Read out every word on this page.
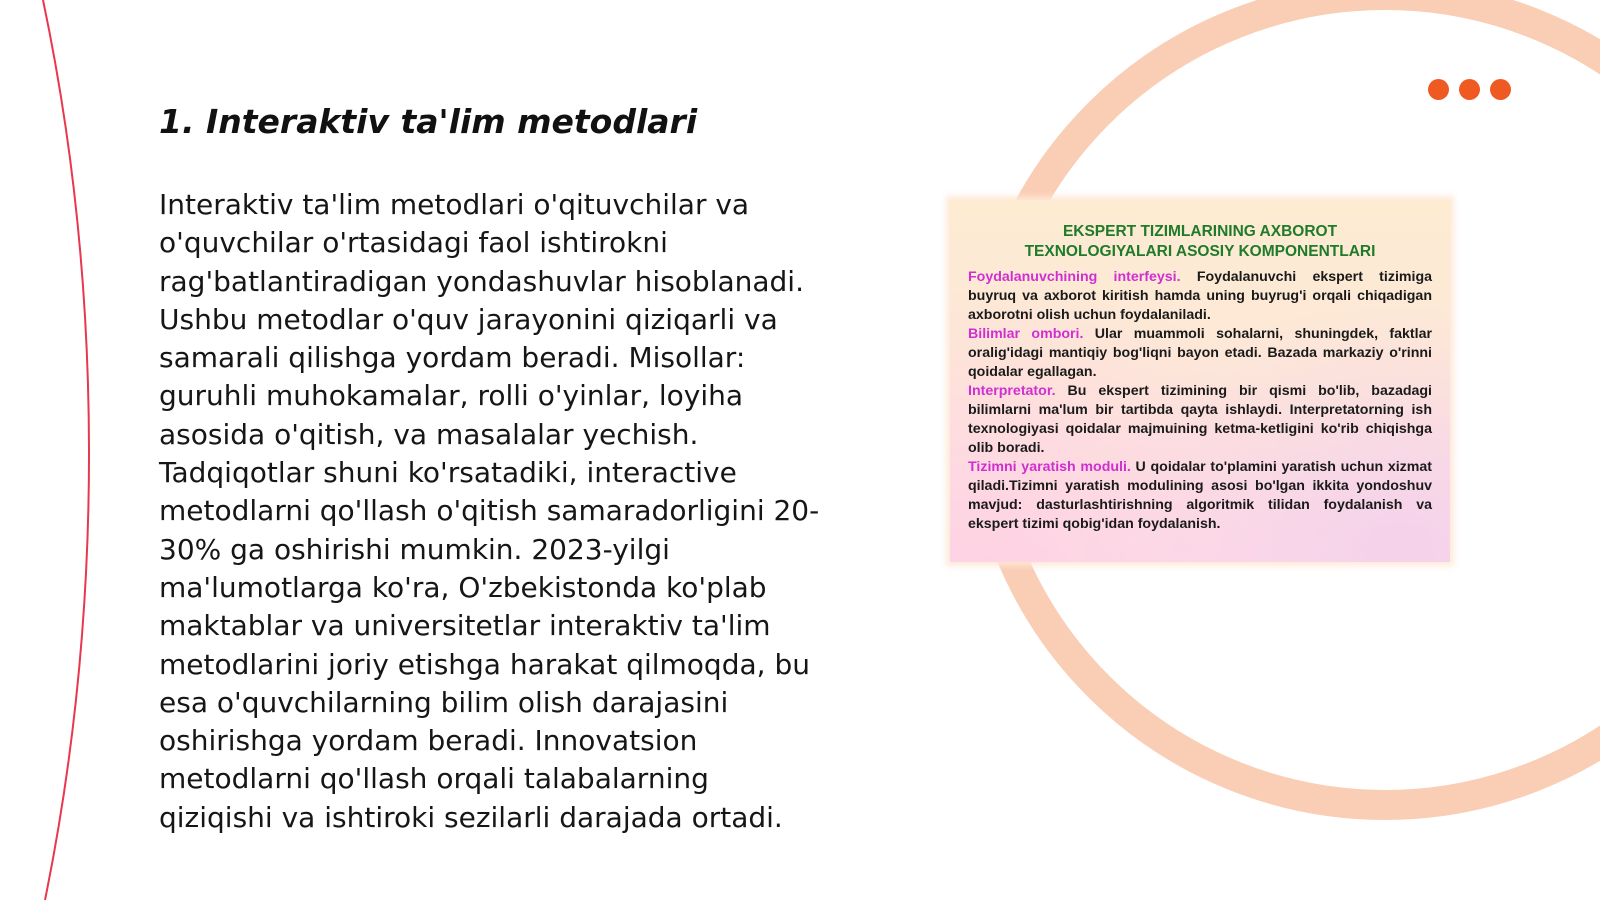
1. Interaktiv ta'lim metodlari

Interaktiv ta'lim metodlari o'qituvchilar va o'quvchilar o'rtasidagi faol ishtirokni rag'batlantiradigan yondashuvlar hisoblanadi. Ushbu metodlar o'quv jarayonini qiziqarli va samarali qilishga yordam beradi. Misollar: guruhli muhokamalar, rolli o'yinlar, loyiha asosida o'qitish, va masalalar yechish. Tadqiqotlar shuni ko'rsatadiki, interactive metodlarni qo'llash o'qitish samaradorligini 20-30% ga oshirishi mumkin. 2023-yilgi ma'lumotlarga ko'ra, O'zbekistonda ko'plab maktablar va universitetlar interaktiv ta'lim metodlarini joriy etishga harakat qilmoqda, bu esa o'quvchilarning bilim olish darajasini oshirishga yordam beradi. Innovatsion metodlarni qo'llash orqali talabalarning qiziqishi va ishtiroki sezilarli darajada ortadi.

EKSPERT TIZIMLARINING AXBOROT
TEXNOLOGIYALARI ASOSIY KOMPONENTLARI

Foydalanuvchining interfeysi. Foydalanuvchi ekspert tizimiga buyruq va axborot kiritish hamda uning buyrug'i orqali chiqadigan axborotni olish uchun foydalaniladi.

Bilimlar ombori. Ular muammoli sohalarni, shuningdek, faktlar oralig'idagi mantiqiy bog'liqni bayon etadi. Bazada markaziy o'rinni qoidalar egallagan.

Interpretator. Bu ekspert tizimining bir qismi bo'lib, bazadagi bilimlarni ma'lum bir tartibda qayta ishlaydi. Interpretatorning ish texnologiyasi qoidalar majmuining ketma-ketligini ko'rib chiqishga olib boradi.

Tizimni yaratish moduli. U qoidalar to'plamini yaratish uchun xizmat qiladi.Tizimni yaratish modulining asosi bo'lgan ikkita yondoshuv mavjud: dasturlashtirishning algoritmik tilidan foydalanish va ekspert tizimi qobig'idan foydalanish.
